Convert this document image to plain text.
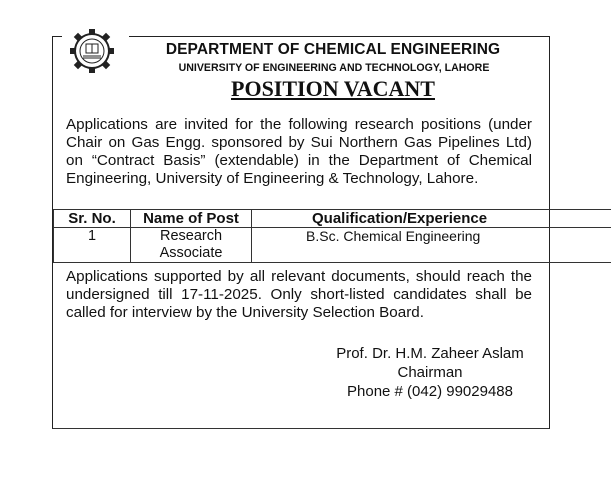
DEPARTMENT OF CHEMICAL ENGINEERING
UNIVERSITY OF ENGINEERING AND TECHNOLOGY, LAHORE
POSITION VACANT
Applications are invited for the following research positions (under Chair on Gas Engg. sponsored by Sui Northern Gas Pipelines Ltd) on “Contract Basis” (extendable) in the Department of Chemical Engineering, University of Engineering & Technology, Lahore.
Sr. No.	Name of Post	Qualification/Experience
1	Research Associate	B.Sc. Chemical Engineering
Applications supported by all relevant documents, should reach the undersigned till 17-11-2025. Only short-listed candidates shall be called for interview by the University Selection Board.
Prof. Dr. H.M. Zaheer Aslam
Chairman
Phone # (042) 99029488
